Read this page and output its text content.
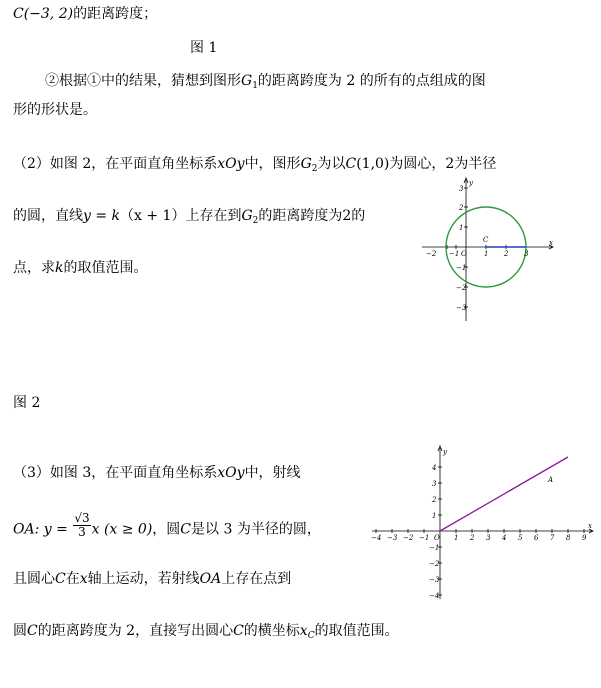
C(−3, 2)的距离跨度；
图 1
②根据①中的结果，猜想到图形$G_1$的距离跨度为 2 的所有的点组成的图
形的形状是。
（2）如图 2，在平面直角坐标系xOy中，图形$G_2$为以C(1,0)为圆心，2为半径
的圆，直线y = k（x + 1）上存在到$G_2$的距离跨度为2的
点，求k的取值范围。
x
y
O
C
−2 −1	1 2 3
3
2
1
−1
−2
−3
图 2
（3）如图 3，在平面直角坐标系xOy中，射线
OA: $y = \frac{√3}{3}$ x (x ≥ 0)，圆C是以 3 为半径的圆，
且圆心C在x轴上运动，若射线OA上存在点到
圆C的距离跨度为 2，直接写出圆心C的横坐标$x_C$的取值范围。
x
y
O
A
−4 −3 −2 −1	1 2 3 4 5 6 7 8 9
4
3
2
1
−1
−2
−3
−4
